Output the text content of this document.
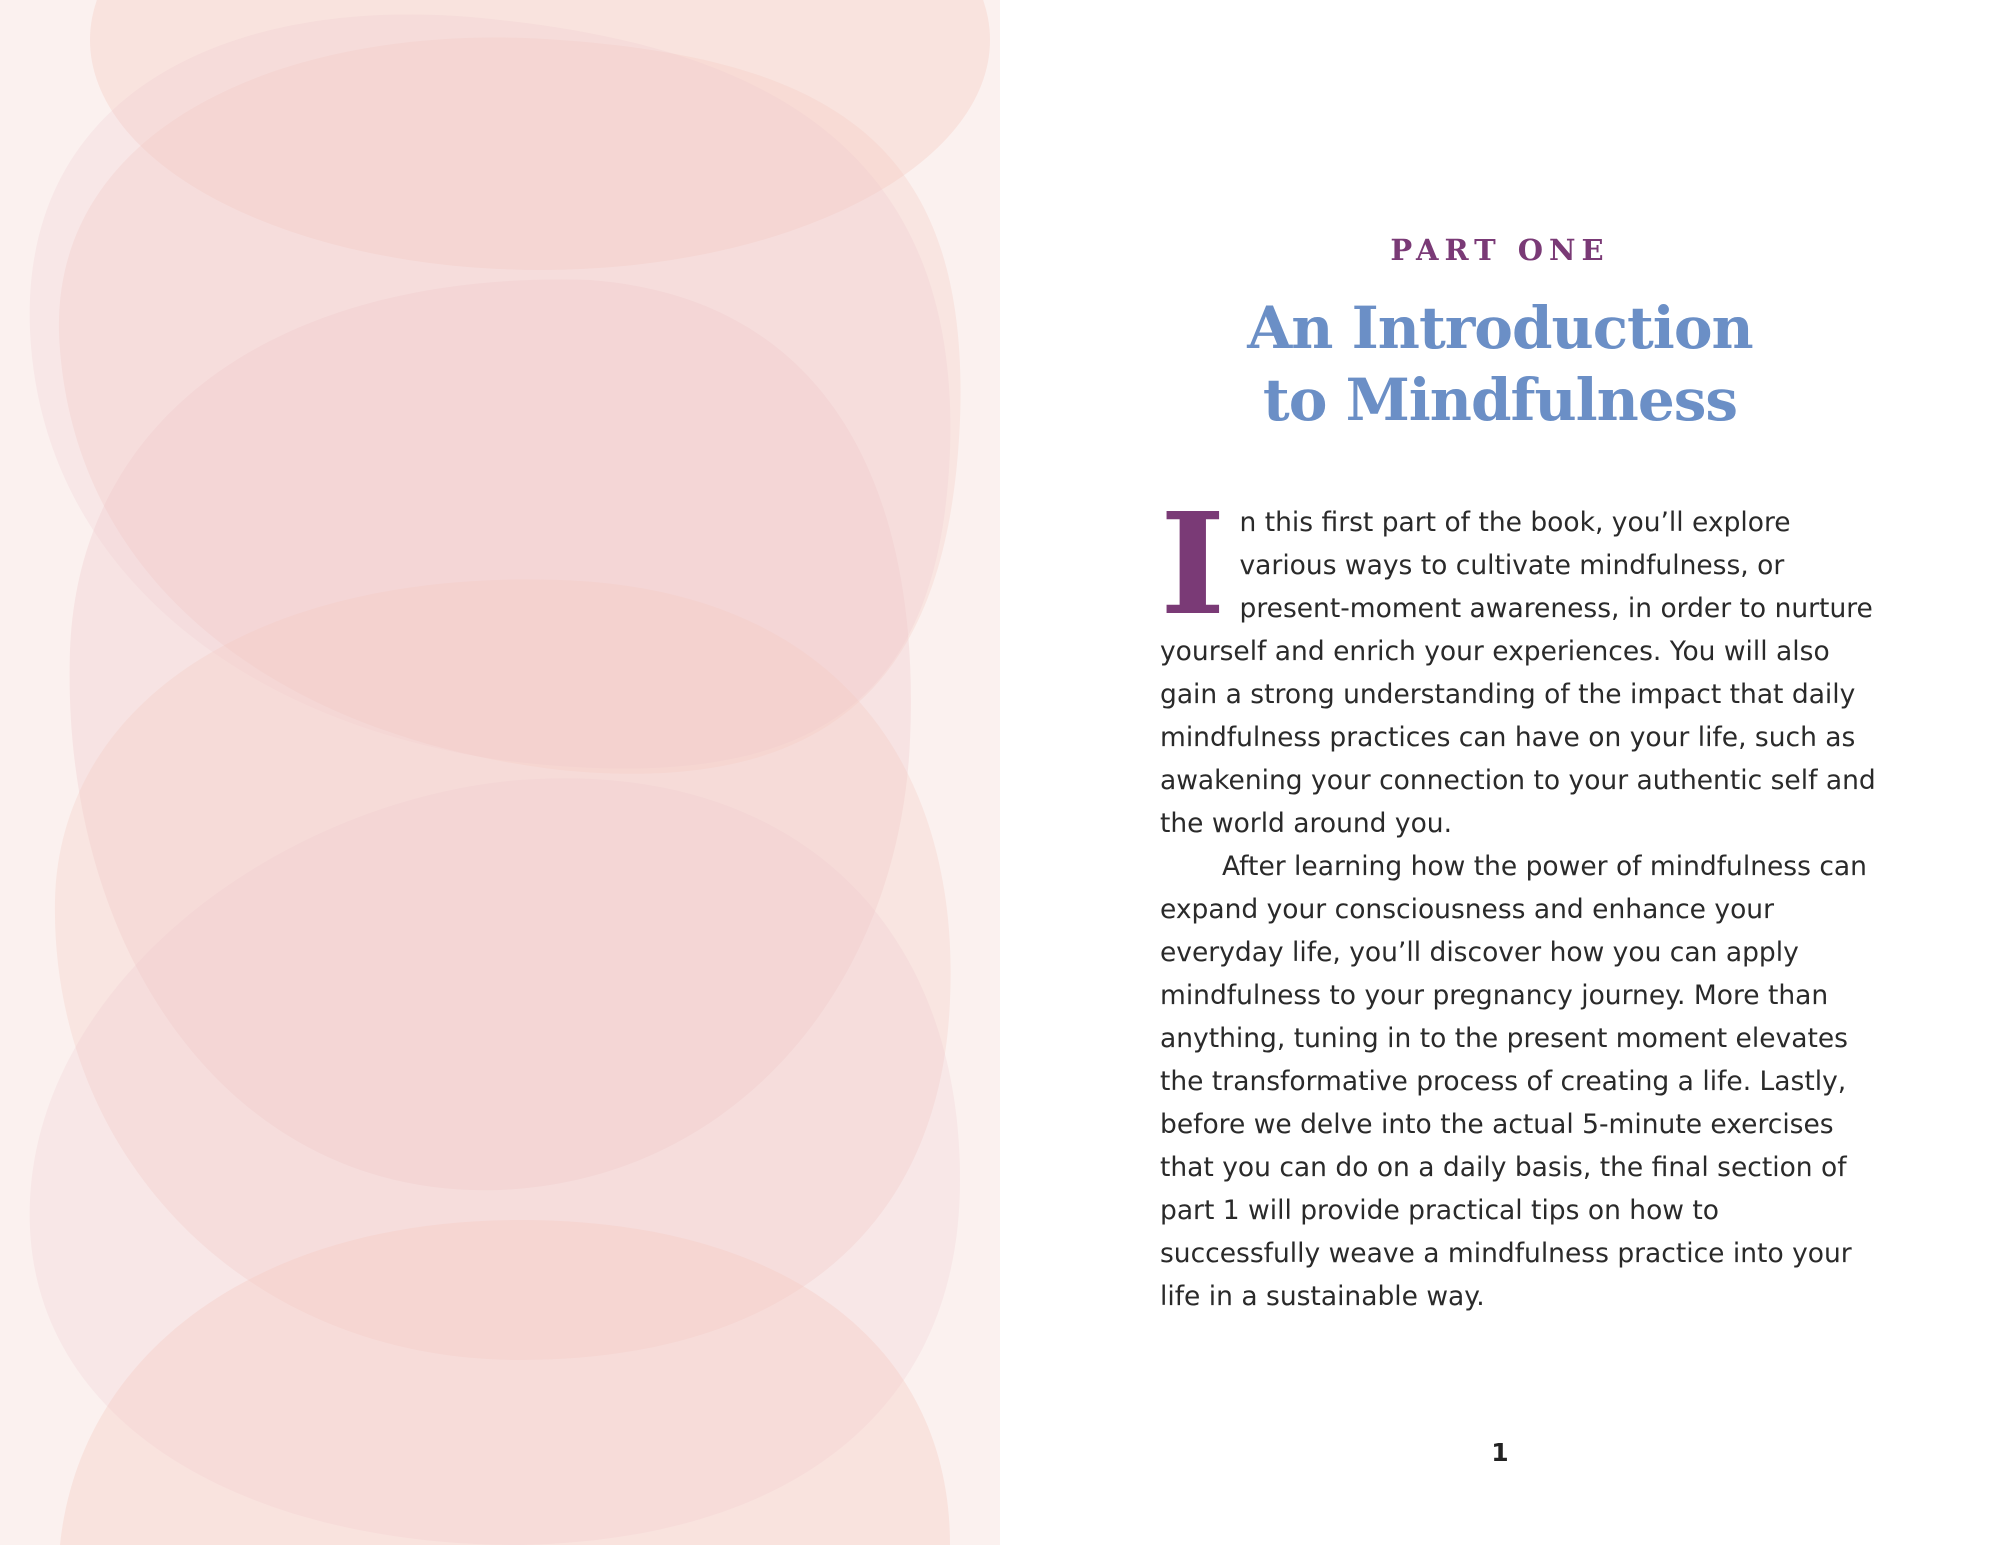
PART ONE
An Introduction
to Mindfulness

In this first part of the book, you’ll explore various ways to cultivate mindfulness, or present-moment awareness, in order to nurture yourself and enrich your experiences. You will also gain a strong understanding of the impact that daily mindfulness practices can have on your life, such as awakening your connection to your authentic self and the world around you.

After learning how the power of mindfulness can expand your consciousness and enhance your everyday life, you’ll discover how you can apply mindfulness to your pregnancy journey. More than anything, tuning in to the present moment elevates the transformative process of creating a life. Lastly, before we delve into the actual 5-minute exercises that you can do on a daily basis, the final section of part 1 will provide practical tips on how to successfully weave a mindfulness practice into your life in a sustainable way.

1
